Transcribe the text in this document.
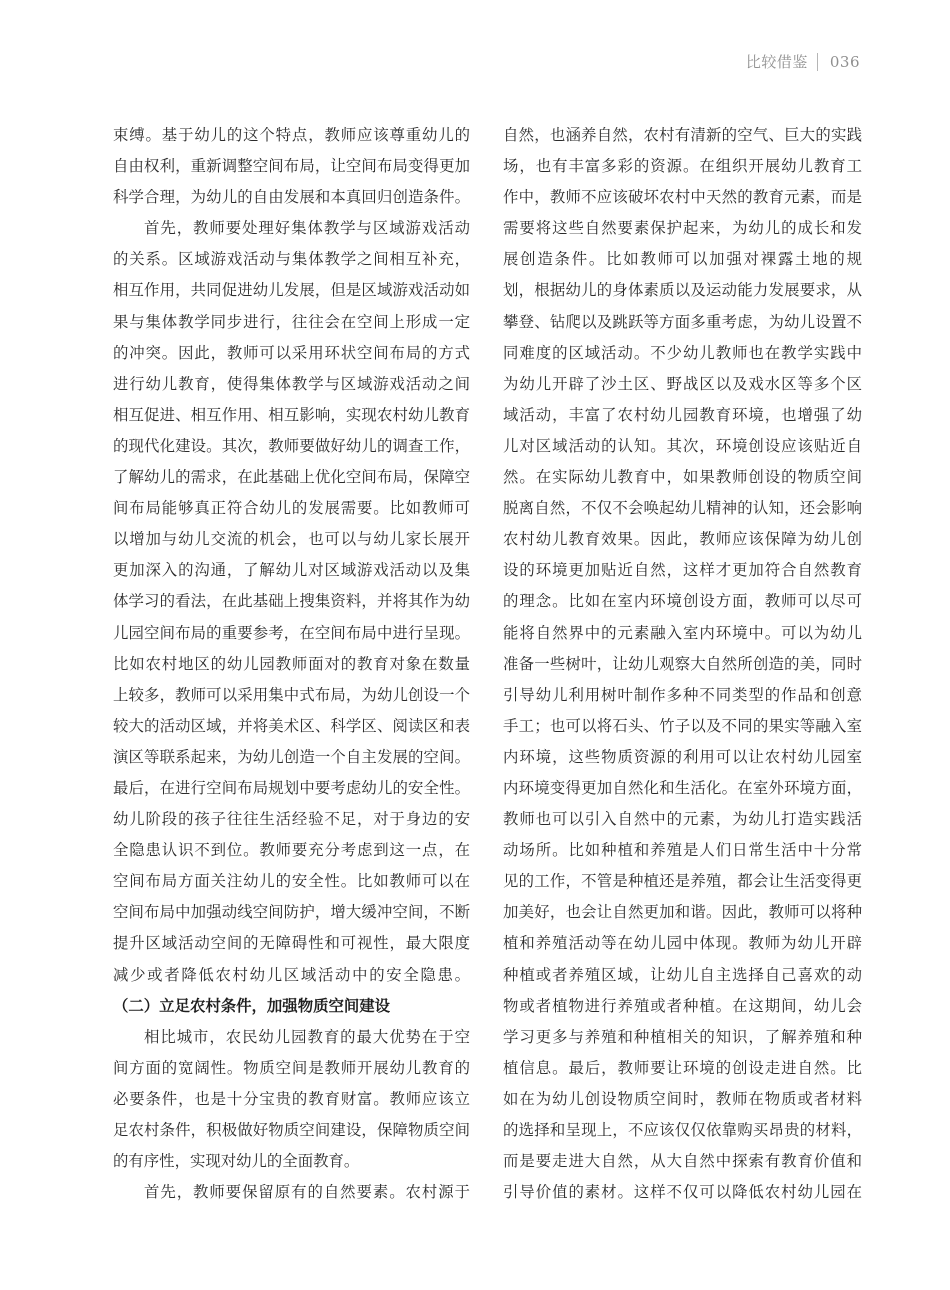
比较借鉴 036
束缚。基于幼儿的这个特点，教师应该尊重幼儿的
自由权利，重新调整空间布局，让空间布局变得更加
科学合理，为幼儿的自由发展和本真回归创造条件。
首先，教师要处理好集体教学与区域游戏活动
的关系。区域游戏活动与集体教学之间相互补充，
相互作用，共同促进幼儿发展，但是区域游戏活动如
果与集体教学同步进行，往往会在空间上形成一定
的冲突。因此，教师可以采用环状空间布局的方式
进行幼儿教育，使得集体教学与区域游戏活动之间
相互促进、相互作用、相互影响，实现农村幼儿教育
的现代化建设。其次，教师要做好幼儿的调查工作，
了解幼儿的需求，在此基础上优化空间布局，保障空
间布局能够真正符合幼儿的发展需要。比如教师可
以增加与幼儿交流的机会，也可以与幼儿家长展开
更加深入的沟通，了解幼儿对区域游戏活动以及集
体学习的看法，在此基础上搜集资料，并将其作为幼
儿园空间布局的重要参考，在空间布局中进行呈现。
比如农村地区的幼儿园教师面对的教育对象在数量
上较多，教师可以采用集中式布局，为幼儿创设一个
较大的活动区域，并将美术区、科学区、阅读区和表
演区等联系起来，为幼儿创造一个自主发展的空间。
最后，在进行空间布局规划中要考虑幼儿的安全性。
幼儿阶段的孩子往往生活经验不足，对于身边的安
全隐患认识不到位。教师要充分考虑到这一点，在
空间布局方面关注幼儿的安全性。比如教师可以在
空间布局中加强动线空间防护，增大缓冲空间，不断
提升区域活动空间的无障碍性和可视性，最大限度
减少或者降低农村幼儿区域活动中的安全隐患。
（二）立足农村条件，加强物质空间建设
相比城市，农民幼儿园教育的最大优势在于空
间方面的宽阔性。物质空间是教师开展幼儿教育的
必要条件，也是十分宝贵的教育财富。教师应该立
足农村条件，积极做好物质空间建设，保障物质空间
的有序性，实现对幼儿的全面教育。
首先，教师要保留原有的自然要素。农村源于
自然，也涵养自然，农村有清新的空气、巨大的实践
场，也有丰富多彩的资源。在组织开展幼儿教育工
作中，教师不应该破坏农村中天然的教育元素，而是
需要将这些自然要素保护起来，为幼儿的成长和发
展创造条件。比如教师可以加强对裸露土地的规
划，根据幼儿的身体素质以及运动能力发展要求，从
攀登、钻爬以及跳跃等方面多重考虑，为幼儿设置不
同难度的区域活动。不少幼儿教师也在教学实践中
为幼儿开辟了沙土区、野战区以及戏水区等多个区
域活动，丰富了农村幼儿园教育环境，也增强了幼
儿对区域活动的认知。其次，环境创设应该贴近自
然。在实际幼儿教育中，如果教师创设的物质空间
脱离自然，不仅不会唤起幼儿精神的认知，还会影响
农村幼儿教育效果。因此，教师应该保障为幼儿创
设的环境更加贴近自然，这样才更加符合自然教育
的理念。比如在室内环境创设方面，教师可以尽可
能将自然界中的元素融入室内环境中。可以为幼儿
准备一些树叶，让幼儿观察大自然所创造的美，同时
引导幼儿利用树叶制作多种不同类型的作品和创意
手工；也可以将石头、竹子以及不同的果实等融入室
内环境，这些物质资源的利用可以让农村幼儿园室
内环境变得更加自然化和生活化。在室外环境方面，
教师也可以引入自然中的元素，为幼儿打造实践活
动场所。比如种植和养殖是人们日常生活中十分常
见的工作，不管是种植还是养殖，都会让生活变得更
加美好，也会让自然更加和谐。因此，教师可以将种
植和养殖活动等在幼儿园中体现。教师为幼儿开辟
种植或者养殖区域，让幼儿自主选择自己喜欢的动
物或者植物进行养殖或者种植。在这期间，幼儿会
学习更多与养殖和种植相关的知识，了解养殖和种
植信息。最后，教师要让环境的创设走进自然。比
如在为幼儿创设物质空间时，教师在物质或者材料
的选择和呈现上，不应该仅仅依靠购买昂贵的材料，
而是要走进大自然，从大自然中探索有教育价值和
引导价值的素材。这样不仅可以降低农村幼儿园在
